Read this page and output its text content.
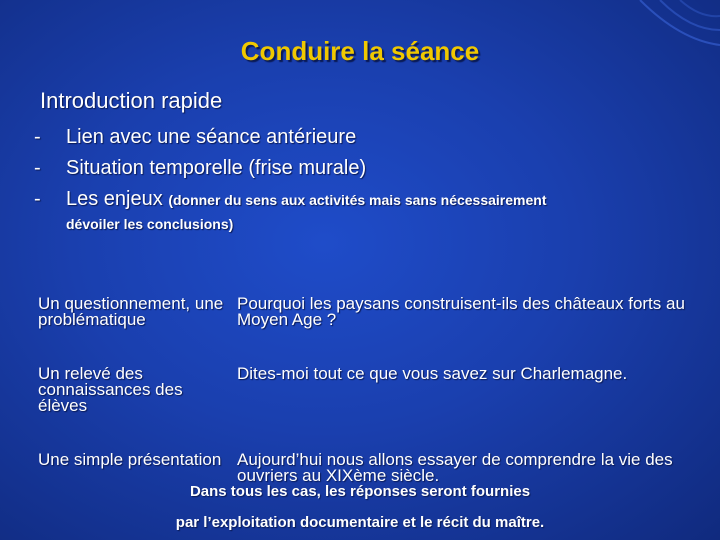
Conduire la séance
Introduction rapide
- Lien avec une séance antérieure
- Situation temporelle (frise murale)
- Les enjeux (donner du sens aux activités mais sans nécessairement
dévoiler les conclusions)
Un questionnement, une problématique
Pourquoi les paysans construisent-ils des châteaux forts au Moyen Age ?
Un relevé des connaissances des élèves
Dites-moi tout ce que vous savez sur Charlemagne.
Une simple présentation Aujourd’hui nous allons essayer de comprendre la vie des ouvriers au XIXème siècle.
Dans tous les cas, les réponses seront fournies
par l’exploitation documentaire et le récit du maître.
